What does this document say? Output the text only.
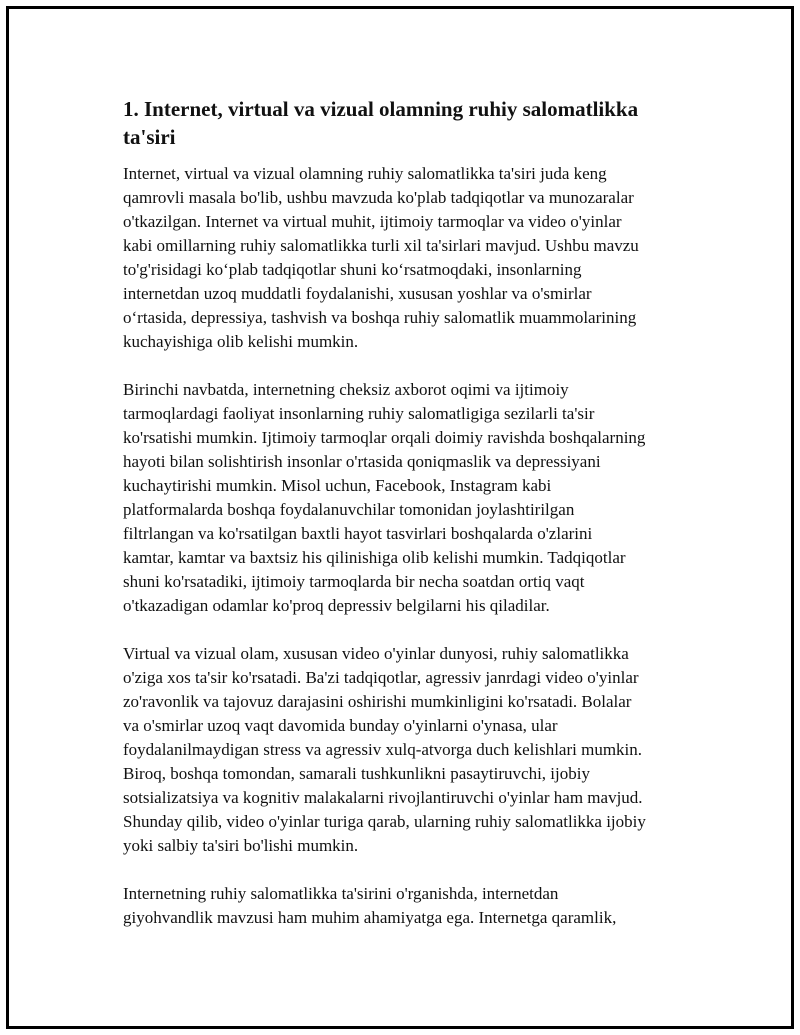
1. Internet, virtual va vizual olamning ruhiy salomatlikka
ta'siri

Internet, virtual va vizual olamning ruhiy salomatlikka ta'siri juda keng
qamrovli masala bo'lib, ushbu mavzuda ko'plab tadqiqotlar va munozaralar
o'tkazilgan. Internet va virtual muhit, ijtimoiy tarmoqlar va video o'yinlar
kabi omillarning ruhiy salomatlikka turli xil ta'sirlari mavjud. Ushbu mavzu
to'g'risidagi ko‘plab tadqiqotlar shuni ko‘rsatmoqdaki, insonlarning
internetdan uzoq muddatli foydalanishi, xususan yoshlar va o'smirlar
o‘rtasida, depressiya, tashvish va boshqa ruhiy salomatlik muammolarining
kuchayishiga olib kelishi mumkin.

Birinchi navbatda, internetning cheksiz axborot oqimi va ijtimoiy
tarmoqlardagi faoliyat insonlarning ruhiy salomatligiga sezilarli ta'sir
ko'rsatishi mumkin. Ijtimoiy tarmoqlar orqali doimiy ravishda boshqalarning
hayoti bilan solishtirish insonlar o'rtasida qoniqmaslik va depressiyani
kuchaytirishi mumkin. Misol uchun, Facebook, Instagram kabi
platformalarda boshqa foydalanuvchilar tomonidan joylashtirilgan
filtrlangan va ko'rsatilgan baxtli hayot tasvirlari boshqalarda o'zlarini
kamtar, kamtar va baxtsiz his qilinishiga olib kelishi mumkin. Tadqiqotlar
shuni ko'rsatadiki, ijtimoiy tarmoqlarda bir necha soatdan ortiq vaqt
o'tkazadigan odamlar ko'proq depressiv belgilarni his qiladilar.

Virtual va vizual olam, xususan video o'yinlar dunyosi, ruhiy salomatlikka
o'ziga xos ta'sir ko'rsatadi. Ba'zi tadqiqotlar, agressiv janrdagi video o'yinlar
zo'ravonlik va tajovuz darajasini oshirishi mumkinligini ko'rsatadi. Bolalar
va o'smirlar uzoq vaqt davomida bunday o'yinlarni o'ynasa, ular
foydalanilmaydigan stress va agressiv xulq-atvorga duch kelishlari mumkin.
Biroq, boshqa tomondan, samarali tushkunlikni pasaytiruvchi, ijobiy
sotsializatsiya va kognitiv malakalarni rivojlantiruvchi o'yinlar ham mavjud.
Shunday qilib, video o'yinlar turiga qarab, ularning ruhiy salomatlikka ijobiy
yoki salbiy ta'siri bo'lishi mumkin.

Internetning ruhiy salomatlikka ta'sirini o'rganishda, internetdan
giyohvandlik mavzusi ham muhim ahamiyatga ega. Internetga qaramlik,
